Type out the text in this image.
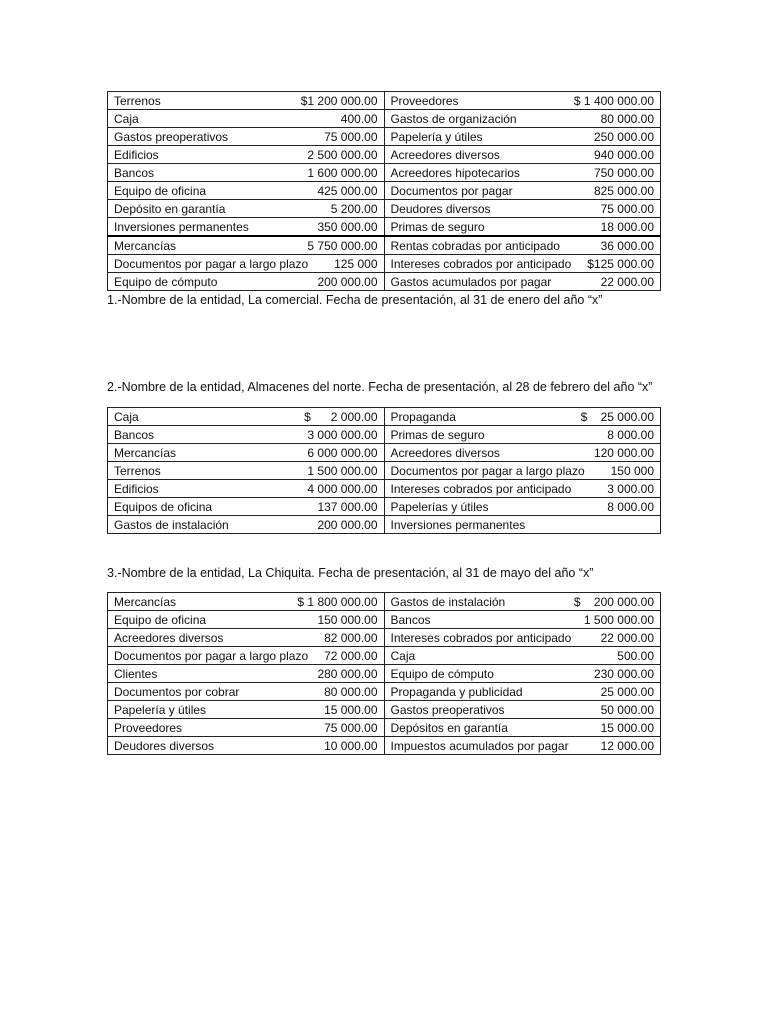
Terrenos $1 200 000.00	Proveedores $ 1 400 000.00

Caja 400.00	Gastos de organización 80 000.00

Gastos preoperativos 75 000.00	Papelería y útiles 250 000.00

Edificios 2 500 000.00	Acreedores diversos 940 000.00

Bancos 1 600 000.00	Acreedores hipotecarios 750 000.00

Equipo de oficina 425 000.00	Documentos por pagar 825 000.00

Depósito en garantía 5 200.00	Deudores diversos 75 000.00

Inversiones permanentes 350 000.00	Primas de seguro 18 000.00

Mercancías 5 750 000.00	Rentas cobradas por anticipado 36 000.00

Documentos por pagar a largo plazo 125 000	Intereses cobrados por anticipado $125 000.00

Equipo de cómputo 200 000.00	Gastos acumulados por pagar 22 000.00
1.-Nombre de la entidad, La comercial. Fecha de presentación, al 31 de enero del año “x”
2.-Nombre de la entidad, Almacenes del norte. Fecha de presentación, al 28 de febrero del año “x”
Caja $      2 000.00	Propaganda $    25 000.00

Bancos 3 000 000.00	Primas de seguro 8 000.00

Mercancías 6 000 000.00	Acreedores diversos 120 000.00

Terrenos 1 500 000.00	Documentos por pagar a largo plazo 150 000

Edificios 4 000 000.00	Intereses cobrados por anticipado 3 000.00

Equipos de oficina 137 000.00	Papelerías y útiles 8 000.00

Gastos de instalación 200 000.00	Inversiones permanentes
3.-Nombre de la entidad, La Chiquita. Fecha de presentación, al 31 de mayo del año “x”
Mercancías $ 1 800 000.00	Gastos de instalación $    200 000.00

Equipo de oficina 150 000.00	Bancos 1 500 000.00

Acreedores diversos 82 000.00	Intereses cobrados por anticipado 22 000.00

Documentos por pagar a largo plazo 72 000.00	Caja 500.00

Clientes 280 000.00	Equipo de cómputo 230 000.00

Documentos por cobrar 80 000.00	Propaganda y publicidad 25 000.00

Papelería y útiles 15 000.00	Gastos preoperativos 50 000.00

Proveedores 75 000.00	Depósitos en garantía 15 000.00

Deudores diversos 10 000.00	Impuestos acumulados por pagar 12 000.00
